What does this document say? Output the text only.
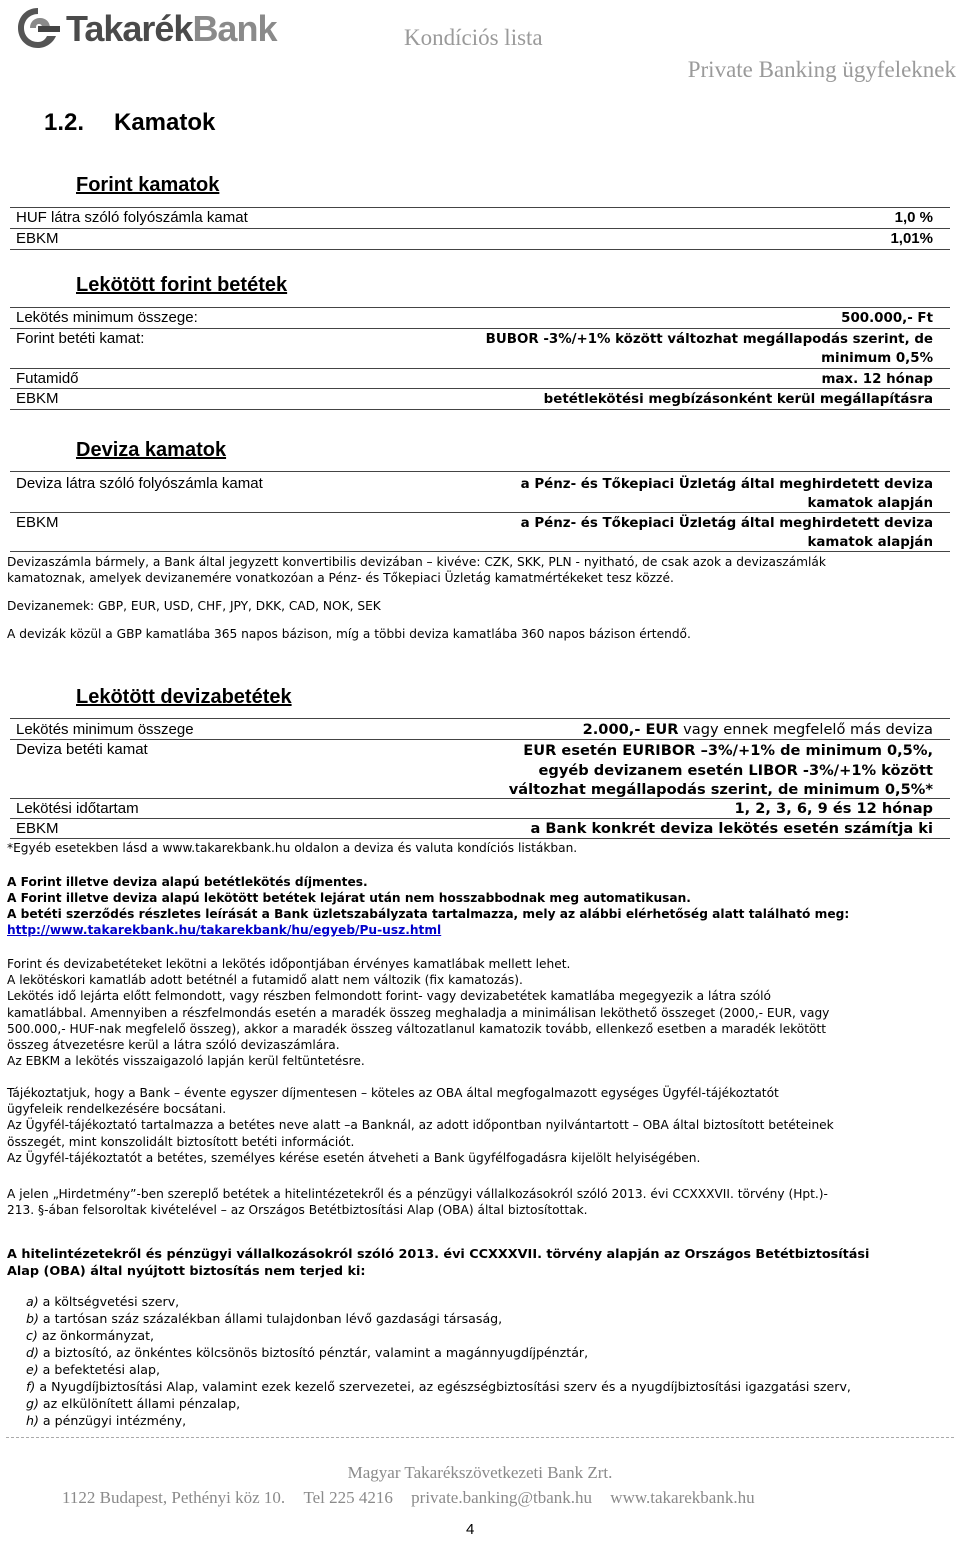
TakarékBank	Kondíciós lista
Private Banking ügyfeleknek
1.2. Kamatok
Forint kamatok
HUF látra szóló folyószámla kamat	1,0 %
EBKM	1,01%
Lekötött forint betétek
Lekötés minimum összege:	500.000,- Ft
Forint betéti kamat:	BUBOR -3%/+1% között változhat megállapodás szerint, de
minimum 0,5%
Futamidő	max. 12 hónap
EBKM	betétlekötési megbízásonként kerül megállapításra
Deviza kamatok
Deviza látra szóló folyószámla kamat	a Pénz- és Tőkepiaci Üzletág által meghirdetett deviza
kamatok alapján
EBKM	a Pénz- és Tőkepiaci Üzletág által meghirdetett deviza
kamatok alapján
Devizaszámla bármely, a Bank által jegyzett konvertibilis devizában – kivéve: CZK, SKK, PLN - nyitható, de csak azok a devizaszámlák
kamatoznak, amelyek devizanemére vonatkozóan a Pénz- és Tőkepiaci Üzletág kamatmértékeket tesz közzé.
Devizanemek: GBP, EUR, USD, CHF, JPY, DKK, CAD, NOK, SEK
A devizák közül a GBP kamatlába 365 napos bázison, míg a többi deviza kamatlába 360 napos bázison értendő.
Lekötött devizabetétek
Lekötés minimum összege	2.000,- EUR vagy ennek megfelelő más deviza
Deviza betéti kamat	EUR esetén EURIBOR –3%/+1% de minimum 0,5%,
egyéb devizanem esetén LIBOR -3%/+1% között
változhat megállapodás szerint, de minimum 0,5%*
Lekötési időtartam	1, 2, 3, 6, 9 és 12 hónap
EBKM	a Bank konkrét deviza lekötés esetén számítja ki
*Egyéb esetekben lásd a www.takarekbank.hu oldalon a deviza és valuta kondíciós listákban.
A Forint illetve deviza alapú betétlekötés díjmentes.
A Forint illetve deviza alapú lekötött betétek lejárat után nem hosszabbodnak meg automatikusan.
A betéti szerződés részletes leírását a Bank üzletszabályzata tartalmazza, mely az alábbi elérhetőség alatt található meg:
http://www.takarekbank.hu/takarekbank/hu/egyeb/Pu-usz.html
Forint és devizabetéteket lekötni a lekötés időpontjában érvényes kamatlábak mellett lehet.
A lekötéskori kamatláb adott betétnél a futamidő alatt nem változik (fix kamatozás).
Lekötés idő lejárta előtt felmondott, vagy részben felmondott forint- vagy devizabetétek kamatlába megegyezik a látra szóló
kamatlábbal. Amennyiben a részfelmondás esetén a maradék összeg meghaladja a minimálisan leköthető összeget (2000,- EUR, vagy
500.000,- HUF-nak megfelelő összeg), akkor a maradék összeg változatlanul kamatozik tovább, ellenkező esetben a maradék lekötött
összeg átvezetésre kerül a látra szóló devizaszámlára.
Az EBKM a lekötés visszaigazoló lapján kerül feltüntetésre.
Tájékoztatjuk, hogy a Bank – évente egyszer díjmentesen – köteles az OBA által megfogalmazott egységes Ügyfél-tájékoztatót
ügyfeleik rendelkezésére bocsátani.
Az Ügyfél-tájékoztató tartalmazza a betétes neve alatt –a Banknál, az adott időpontban nyilvántartott – OBA által biztosított betéteinek
összegét, mint konszolidált biztosított betéti információt.
Az Ügyfél-tájékoztatót a betétes, személyes kérése esetén átveheti a Bank ügyfélfogadásra kijelölt helyiségében.
A jelen „Hirdetmény”-ben szereplő betétek a hitelintézetekről és a pénzügyi vállalkozásokról szóló 2013. évi CCXXXVII. törvény (Hpt.)-
213. §-ában felsoroltak kivételével – az Országos Betétbiztosítási Alap (OBA) által biztosítottak.
A hitelintézetekről és pénzügyi vállalkozásokról szóló 2013. évi CCXXXVII. törvény alapján az Országos Betétbiztosítási
Alap (OBA) által nyújtott biztosítás nem terjed ki:
a) a költségvetési szerv,
b) a tartósan száz százalékban állami tulajdonban lévő gazdasági társaság,
c) az önkormányzat,
d) a biztosító, az önkéntes kölcsönös biztosító pénztár, valamint a magánnyugdíjpénztár,
e) a befektetési alap,
f) a Nyugdíjbiztosítási Alap, valamint ezek kezelő szervezetei, az egészségbiztosítási szerv és a nyugdíjbiztosítási igazgatási szerv,
g) az elkülönített állami pénzalap,
h) a pénzügyi intézmény,
Magyar Takarékszövetkezeti Bank Zrt.
1122 Budapest, Pethényi köz 10. Tel 225 4216 private.banking@tbank.hu www.takarekbank.hu
4
